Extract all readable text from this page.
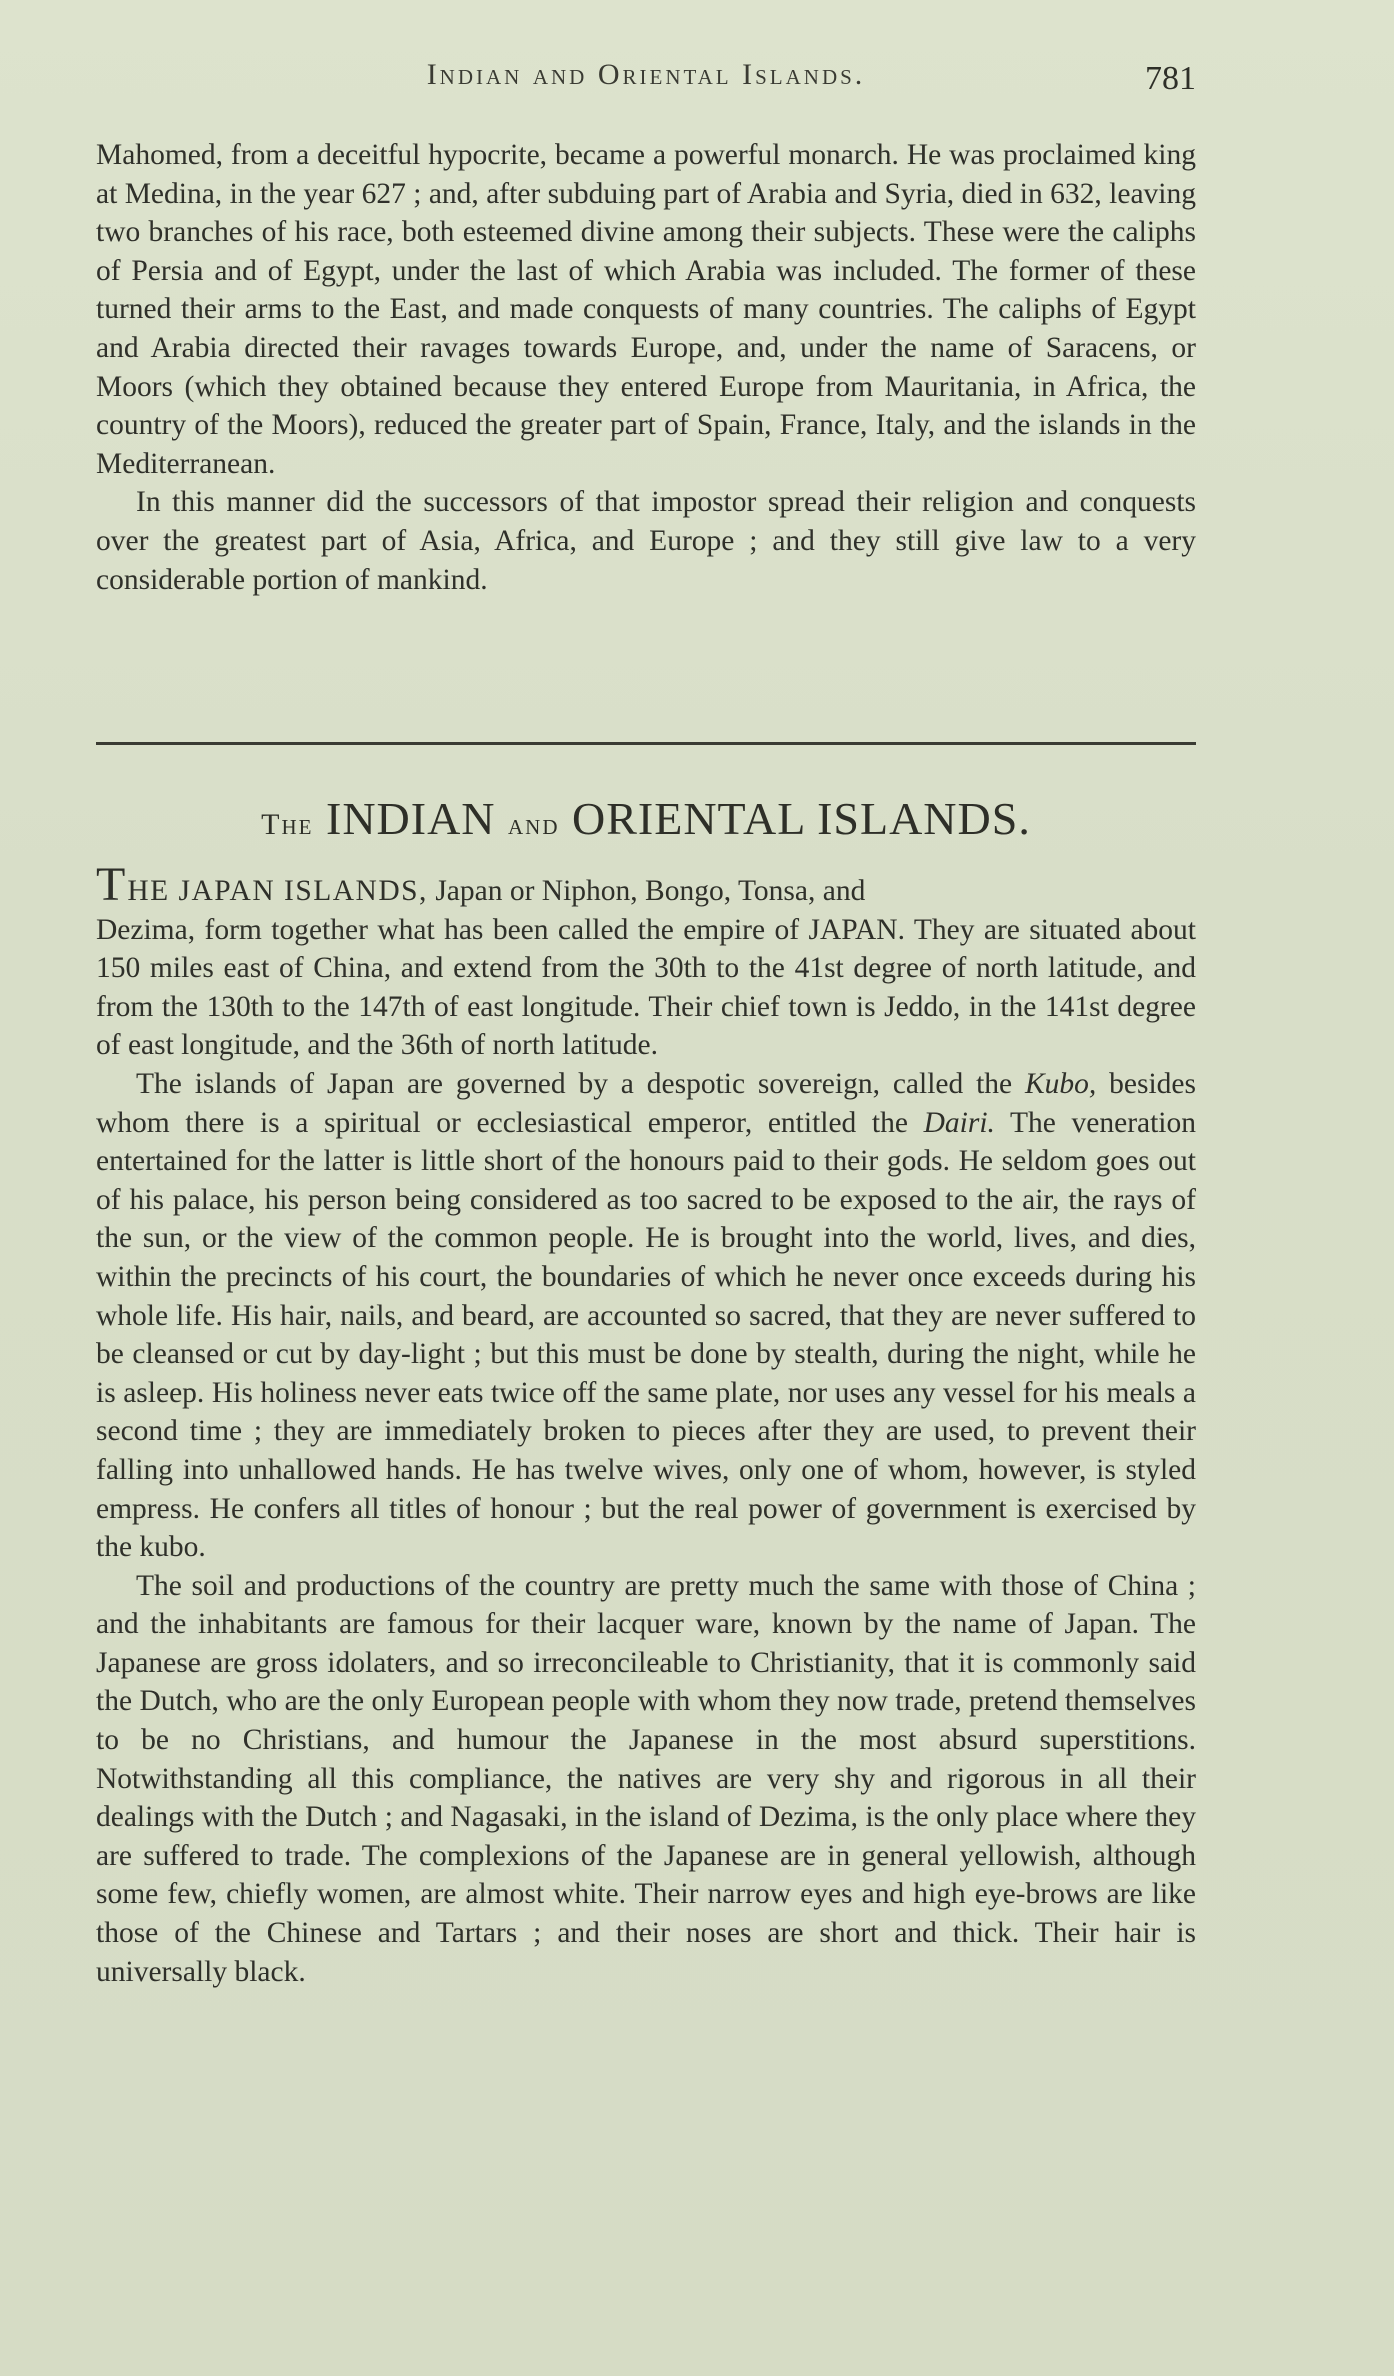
Indian and Oriental Islands.	781

Mahomed, from a deceitful hypocrite, became a powerful monarch. He was proclaimed king at Medina, in the year 627 ; and, after subduing part of Arabia and Syria, died in 632, leaving two branches of his race, both esteemed divine among their subjects. These were the caliphs of Persia and of Egypt, under the last of which Arabia was included. The former of these turned their arms to the East, and made conquests of many countries. The caliphs of Egypt and Arabia directed their ravages towards Europe, and, under the name of Saracens, or Moors (which they obtained because they entered Europe from Mauritania, in Africa, the country of the Moors), reduced the greater part of Spain, France, Italy, and the islands in the Mediterranean.

In this manner did the successors of that impostor spread their religion and conquests over the greatest part of Asia, Africa, and Europe ; and they still give law to a very considerable portion of mankind.

The INDIAN and ORIENTAL ISLANDS.

THE JAPAN ISLANDS, Japan or Niphon, Bongo, Tonsa, and

Dezima, form together what has been called the empire of JAPAN. They are situated about 150 miles east of China, and extend from the 30th to the 41st degree of north latitude, and from the 130th to the 147th of east longitude. Their chief town is Jeddo, in the 141st degree of east longitude, and the 36th of north latitude.

The islands of Japan are governed by a despotic sovereign, called the Kubo, besides whom there is a spiritual or ecclesiastical emperor, entitled the Dairi. The veneration entertained for the latter is little short of the honours paid to their gods. He seldom goes out of his palace, his person being considered as too sacred to be exposed to the air, the rays of the sun, or the view of the common people. He is brought into the world, lives, and dies, within the precincts of his court, the boundaries of which he never once exceeds during his whole life. His hair, nails, and beard, are accounted so sacred, that they are never suffered to be cleansed or cut by day-light ; but this must be done by stealth, during the night, while he is asleep. His holiness never eats twice off the same plate, nor uses any vessel for his meals a second time ; they are immediately broken to pieces after they are used, to prevent their falling into unhallowed hands. He has twelve wives, only one of whom, however, is styled empress. He confers all titles of honour ; but the real power of government is exercised by the kubo.

The soil and productions of the country are pretty much the same with those of China ; and the inhabitants are famous for their lacquer ware, known by the name of Japan. The Japanese are gross idolaters, and so irreconcileable to Christianity, that it is commonly said the Dutch, who are the only European people with whom they now trade, pretend themselves to be no Christians, and humour the Japanese in the most absurd superstitions. Notwithstanding all this compliance, the natives are very shy and rigorous in all their dealings with the Dutch ; and Nagasaki, in the island of Dezima, is the only place where they are suffered to trade. The complexions of the Japanese are in general yellowish, although some few, chiefly women, are almost white. Their narrow eyes and high eye-brows are like those of the Chinese and Tartars ; and their noses are short and thick. Their hair is universally black.
